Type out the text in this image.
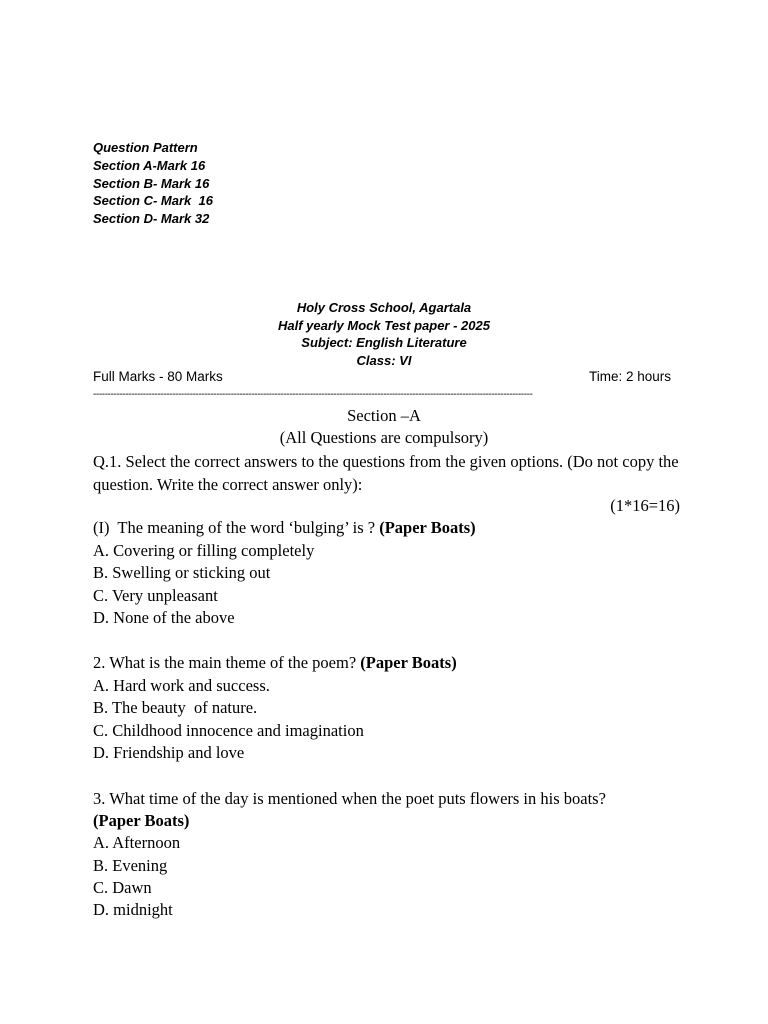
Question Pattern
Section A-Mark 16
Section B- Mark 16
Section C- Mark  16
Section D- Mark 32
Holy Cross School, Agartala
Half yearly Mock Test paper - 2025
Subject: English Literature
Class: VI
Full Marks - 80 Marks	Time: 2 hours
------------------------------------------------------------------------------------------------------------------------------------------------------
Section –A
(All Questions are compulsory)
Q.1. Select the correct answers to the questions from the given options. (Do not copy the question. Write the correct answer only):
(1*16=16)
(I)  The meaning of the word ‘bulging’ is ? (Paper Boats)
A. Covering or filling completely
B. Swelling or sticking out
C. Very unpleasant
D. None of the above
2. What is the main theme of the poem? (Paper Boats)
A. Hard work and success.
B. The beauty  of nature.
C. Childhood innocence and imagination
D. Friendship and love
3. What time of the day is mentioned when the poet puts flowers in his boats?
(Paper Boats)
A. Afternoon
B. Evening
C. Dawn
D. midnight
